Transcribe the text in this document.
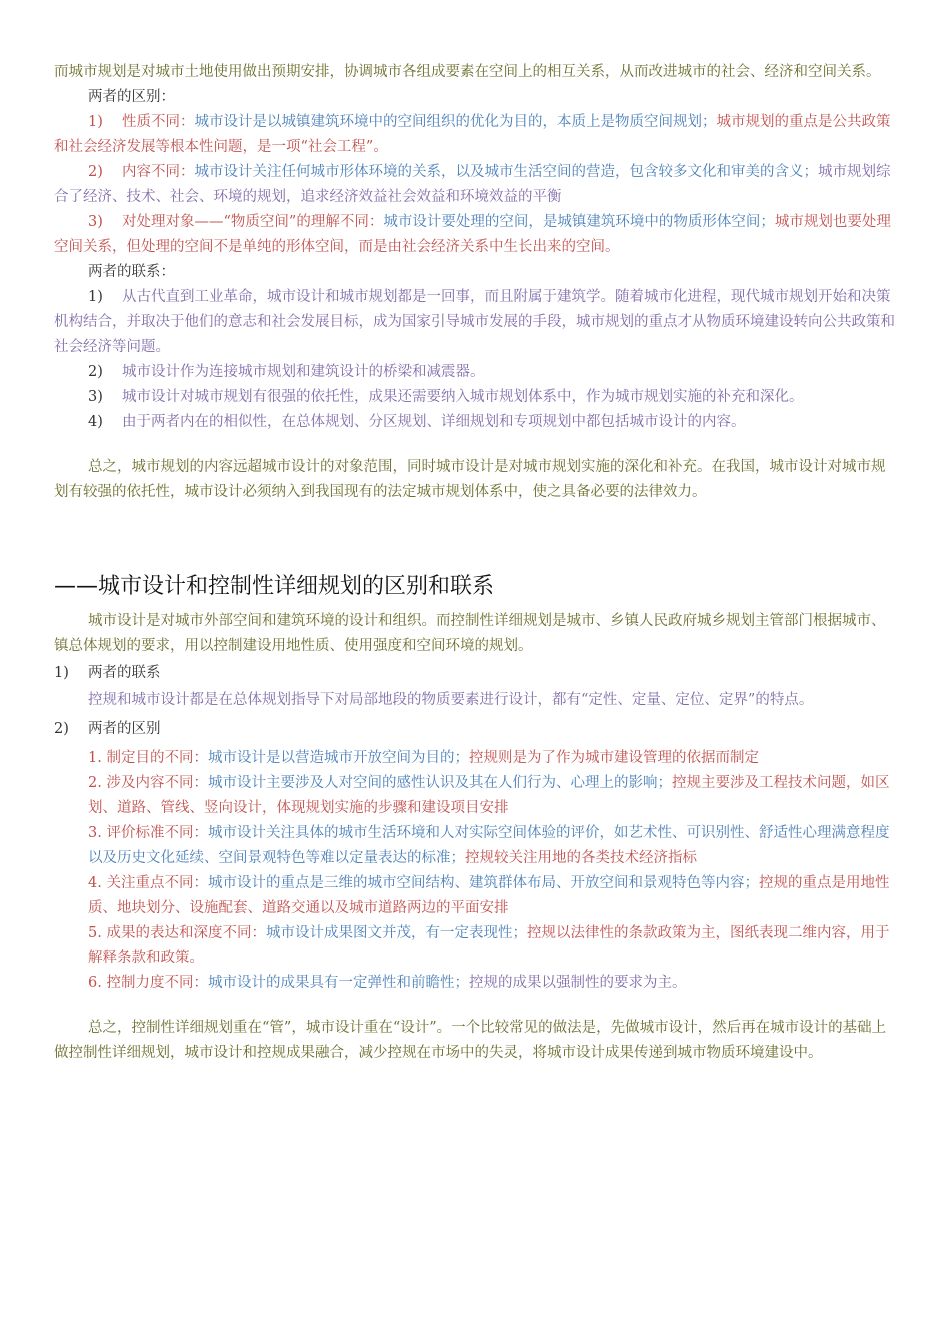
而城市规划是对城市土地使用做出预期安排，协调城市各组成要素在空间上的相互关系，从而改进城市的社会、经济和空间关系。

两者的区别：

1) 性质不同：城市设计是以城镇建筑环境中的空间组织的优化为目的，本质上是物质空间规划；城市规划的重点是公共政策和社会经济发展等根本性问题，是一项“社会工程”。

2) 内容不同：城市设计关注任何城市形体环境的关系，以及城市生活空间的营造，包含较多文化和审美的含义；城市规划综合了经济、技术、社会、环境的规划，追求经济效益社会效益和环境效益的平衡

3) 对处理对象——“物质空间”的理解不同：城市设计要处理的空间，是城镇建筑环境中的物质形体空间；城市规划也要处理空间关系，但处理的空间不是单纯的形体空间，而是由社会经济关系中生长出来的空间。

两者的联系：

1) 从古代直到工业革命，城市设计和城市规划都是一回事，而且附属于建筑学。随着城市化进程，现代城市规划开始和决策机构结合，并取决于他们的意志和社会发展目标，成为国家引导城市发展的手段，城市规划的重点才从物质环境建设转向公共政策和社会经济等问题。

2) 城市设计作为连接城市规划和建筑设计的桥梁和减震器。

3) 城市设计对城市规划有很强的依托性，成果还需要纳入城市规划体系中，作为城市规划实施的补充和深化。

4) 由于两者内在的相似性，在总体规划、分区规划、详细规划和专项规划中都包括城市设计的内容。

总之，城市规划的内容远超城市设计的对象范围，同时城市设计是对城市规划实施的深化和补充。在我国，城市设计对城市规划有较强的依托性，城市设计必须纳入到我国现有的法定城市规划体系中，使之具备必要的法律效力。

——城市设计和控制性详细规划的区别和联系

城市设计是对城市外部空间和建筑环境的设计和组织。而控制性详细规划是城市、乡镇人民政府城乡规划主管部门根据城市、镇总体规划的要求，用以控制建设用地性质、使用强度和空间环境的规划。

1) 两者的联系

控规和城市设计都是在总体规划指导下对局部地段的物质要素进行设计，都有“定性、定量、定位、定界”的特点。

2) 两者的区别

1. 制定目的不同：城市设计是以营造城市开放空间为目的；控规则是为了作为城市建设管理的依据而制定

2. 涉及内容不同：城市设计主要涉及人对空间的感性认识及其在人们行为、心理上的影响；控规主要涉及工程技术问题，如区划、道路、管线、竖向设计，体现规划实施的步骤和建设项目安排

3. 评价标准不同：城市设计关注具体的城市生活环境和人对实际空间体验的评价，如艺术性、可识别性、舒适性心理满意程度以及历史文化延续、空间景观特色等难以定量表达的标准；控规较关注用地的各类技术经济指标

4. 关注重点不同：城市设计的重点是三维的城市空间结构、建筑群体布局、开放空间和景观特色等内容；控规的重点是用地性质、地块划分、设施配套、道路交通以及城市道路两边的平面安排

5. 成果的表达和深度不同：城市设计成果图文并茂，有一定表现性；控规以法律性的条款政策为主，图纸表现二维内容，用于解释条款和政策。

6. 控制力度不同：城市设计的成果具有一定弹性和前瞻性；控规的成果以强制性的要求为主。

总之，控制性详细规划重在“管”，城市设计重在“设计”。一个比较常见的做法是，先做城市设计，然后再在城市设计的基础上做控制性详细规划，城市设计和控规成果融合，减少控规在市场中的失灵，将城市设计成果传递到城市物质环境建设中。
